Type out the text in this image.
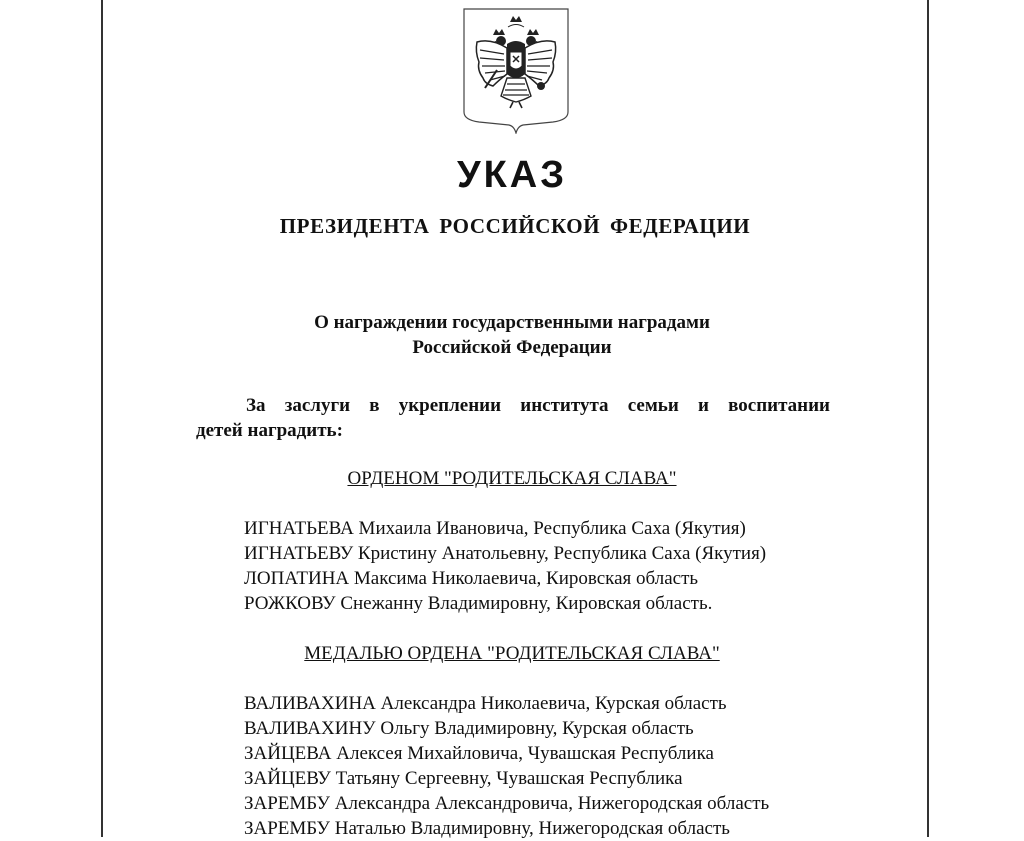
УКАЗ
ПРЕЗИДЕНТА РОССИЙСКОЙ ФЕДЕРАЦИИ
О награждении государственными наградами
Российской Федерации
За заслуги в укреплении института семьи и воспитании
детей наградить:
ОРДЕНОМ "РОДИТЕЛЬСКАЯ СЛАВА"
ИГНАТЬЕВА Михаила Ивановича, Республика Саха (Якутия)
ИГНАТЬЕВУ Кристину Анатольевну, Республика Саха (Якутия)
ЛОПАТИНА Максима Николаевича, Кировская область
РОЖКОВУ Снежанну Владимировну, Кировская область.
МЕДАЛЬЮ ОРДЕНА "РОДИТЕЛЬСКАЯ СЛАВА"
ВАЛИВАХИНА Александра Николаевича, Курская область
ВАЛИВАХИНУ Ольгу Владимировну, Курская область
ЗАЙЦЕВА Алексея Михайловича, Чувашская Республика
ЗАЙЦЕВУ Татьяну Сергеевну, Чувашская Республика
ЗАРЕМБУ Александра Александровича, Нижегородская область
ЗАРЕМБУ Наталью Владимировну, Нижегородская область
